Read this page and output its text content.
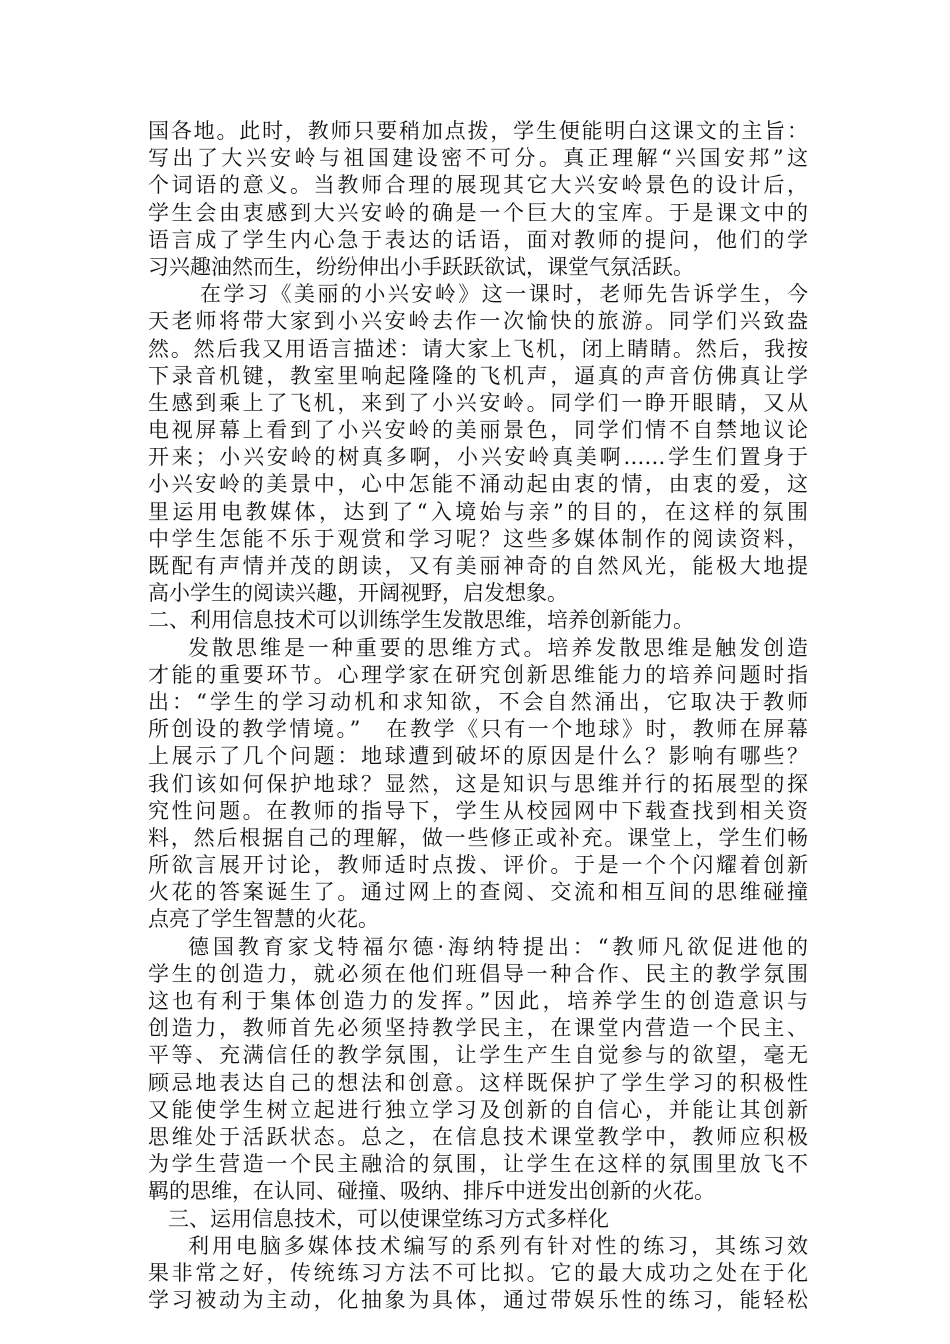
国各地。此时，教师只要稍加点拨，学生便能明白这课文的主旨：
写出了大兴安岭与祖国建设密不可分。真正理解“兴国安邦”这
个词语的意义。当教师合理的展现其它大兴安岭景色的设计后，
学生会由衷感到大兴安岭的确是一个巨大的宝库。于是课文中的
语言成了学生内心急于表达的话语，面对教师的提问，他们的学
习兴趣油然而生，纷纷伸出小手跃跃欲试，课堂气氛活跃。
在学习《美丽的小兴安岭》这一课时，老师先告诉学生，今
天老师将带大家到小兴安岭去作一次愉快的旅游。同学们兴致盎
然。然后我又用语言描述：请大家上飞机，闭上睛睛。然后，我按
下录音机键，教室里响起隆隆的飞机声，逼真的声音仿佛真让学
生感到乘上了飞机，来到了小兴安岭。同学们一睁开眼睛，又从
电视屏幕上看到了小兴安岭的美丽景色，同学们情不自禁地议论
开来；小兴安岭的树真多啊，小兴安岭真美啊……学生们置身于
小兴安岭的美景中，心中怎能不涌动起由衷的情，由衷的爱，这
里运用电教媒体，达到了“入境始与亲”的目的，在这样的氛围
中学生怎能不乐于观赏和学习呢？这些多媒体制作的阅读资料，
既配有声情并茂的朗读，又有美丽神奇的自然风光，能极大地提
高小学生的阅读兴趣，开阔视野，启发想象。
二、利用信息技术可以训练学生发散思维，培养创新能力。
发散思维是一种重要的思维方式。培养发散思维是触发创造
才能的重要环节。心理学家在研究创新思维能力的培养问题时指
出：“学生的学习动机和求知欲，不会自然涌出，它取决于教师
所创设的教学情境。”　在教学《只有一个地球》时，教师在屏幕
上展示了几个问题：地球遭到破坏的原因是什么？影响有哪些？
我们该如何保护地球？显然，这是知识与思维并行的拓展型的探
究性问题。在教师的指导下，学生从校园网中下载查找到相关资
料，然后根据自己的理解，做一些修正或补充。课堂上，学生们畅
所欲言展开讨论，教师适时点拨、评价。于是一个个闪耀着创新
火花的答案诞生了。通过网上的查阅、交流和相互间的思维碰撞
点亮了学生智慧的火花。
德国教育家戈特福尔德·海纳特提出：“教师凡欲促进他的
学生的创造力，就必须在他们班倡导一种合作、民主的教学氛围
这也有利于集体创造力的发挥。”因此，培养学生的创造意识与
创造力，教师首先必须坚持教学民主，在课堂内营造一个民主、
平等、充满信任的教学氛围，让学生产生自觉参与的欲望，毫无
顾忌地表达自己的想法和创意。这样既保护了学生学习的积极性
又能使学生树立起进行独立学习及创新的自信心，并能让其创新
思维处于活跃状态。总之，在信息技术课堂教学中，教师应积极
为学生营造一个民主融洽的氛围，让学生在这样的氛围里放飞不
羁的思维，在认同、碰撞、吸纳、排斥中迸发出创新的火花。
三、运用信息技术，可以使课堂练习方式多样化
利用电脑多媒体技术编写的系列有针对性的练习，其练习效
果非常之好，传统练习方法不可比拟。它的最大成功之处在于化
学习被动为主动，化抽象为具体，通过带娱乐性的练习，能轻松
